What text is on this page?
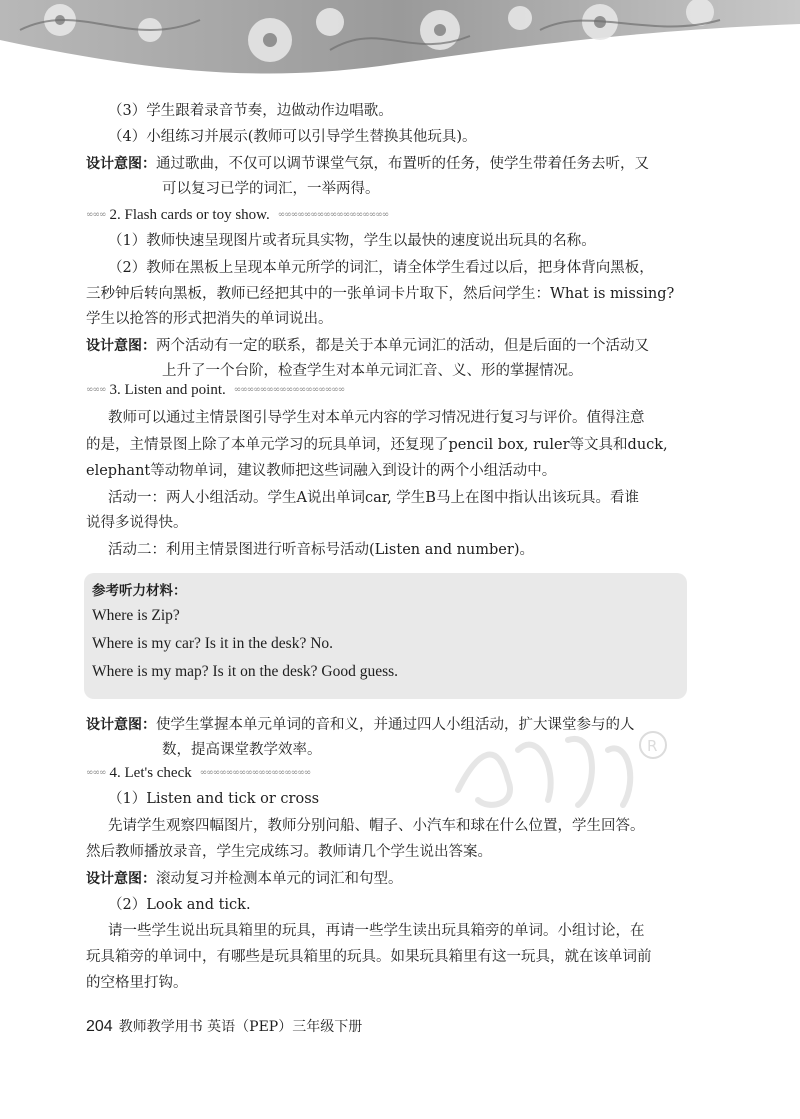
（3）学生跟着录音节奏，边做动作边唱歌。

（4）小组练习并展示(教师可以引导学生替换其他玩具)。

设计意图：通过歌曲，不仅可以调节课堂气氛，布置听的任务，使学生带着任务去听，又

可以复习已学的词汇，一举两得。

∞∞∞ 2. Flash cards or toy show. ∞∞∞∞∞∞∞∞∞∞∞∞∞∞∞∞∞

（1）教师快速呈现图片或者玩具实物，学生以最快的速度说出玩具的名称。

（2）教师在黑板上呈现本单元所学的词汇，请全体学生看过以后，把身体背向黑板，

三秒钟后转向黑板，教师已经把其中的一张单词卡片取下，然后问学生：What is missing?

学生以抢答的形式把消失的单词说出。

设计意图：两个活动有一定的联系，都是关于本单元词汇的活动，但是后面的一个活动又

上升了一个台阶，检查学生对本单元词汇音、义、形的掌握情况。

∞∞∞ 3. Listen and point. ∞∞∞∞∞∞∞∞∞∞∞∞∞∞∞∞∞

教师可以通过主情景图引导学生对本单元内容的学习情况进行复习与评价。值得注意

的是，主情景图上除了本单元学习的玩具单词，还复现了pencil box, ruler等文具和duck,

elephant等动物单词，建议教师把这些词融入到设计的两个小组活动中。

活动一：两人小组活动。学生A说出单词car, 学生B马上在图中指认出该玩具。看谁

说得多说得快。

活动二：利用主情景图进行听音标号活动(Listen and number)。

参考听力材料：
Where is Zip?
Where is my car? Is it in the desk? No.
Where is my map? Is it on the desk? Good guess.
R

设计意图：使学生掌握本单元单词的音和义，并通过四人小组活动，扩大课堂参与的人

数，提高课堂教学效率。

∞∞∞ 4. Let's check ∞∞∞∞∞∞∞∞∞∞∞∞∞∞∞∞∞

（1）Listen and tick or cross

先请学生观察四幅图片，教师分别问船、帽子、小汽车和球在什么位置，学生回答。

然后教师播放录音，学生完成练习。教师请几个学生说出答案。

设计意图：滚动复习并检测本单元的词汇和句型。

（2）Look and tick.

请一些学生说出玩具箱里的玩具，再请一些学生读出玩具箱旁的单词。小组讨论，在

玩具箱旁的单词中，有哪些是玩具箱里的玩具。如果玩具箱里有这一玩具，就在该单词前

的空格里打钩。

204 教师教学用书 英语（PEP）三年级下册
